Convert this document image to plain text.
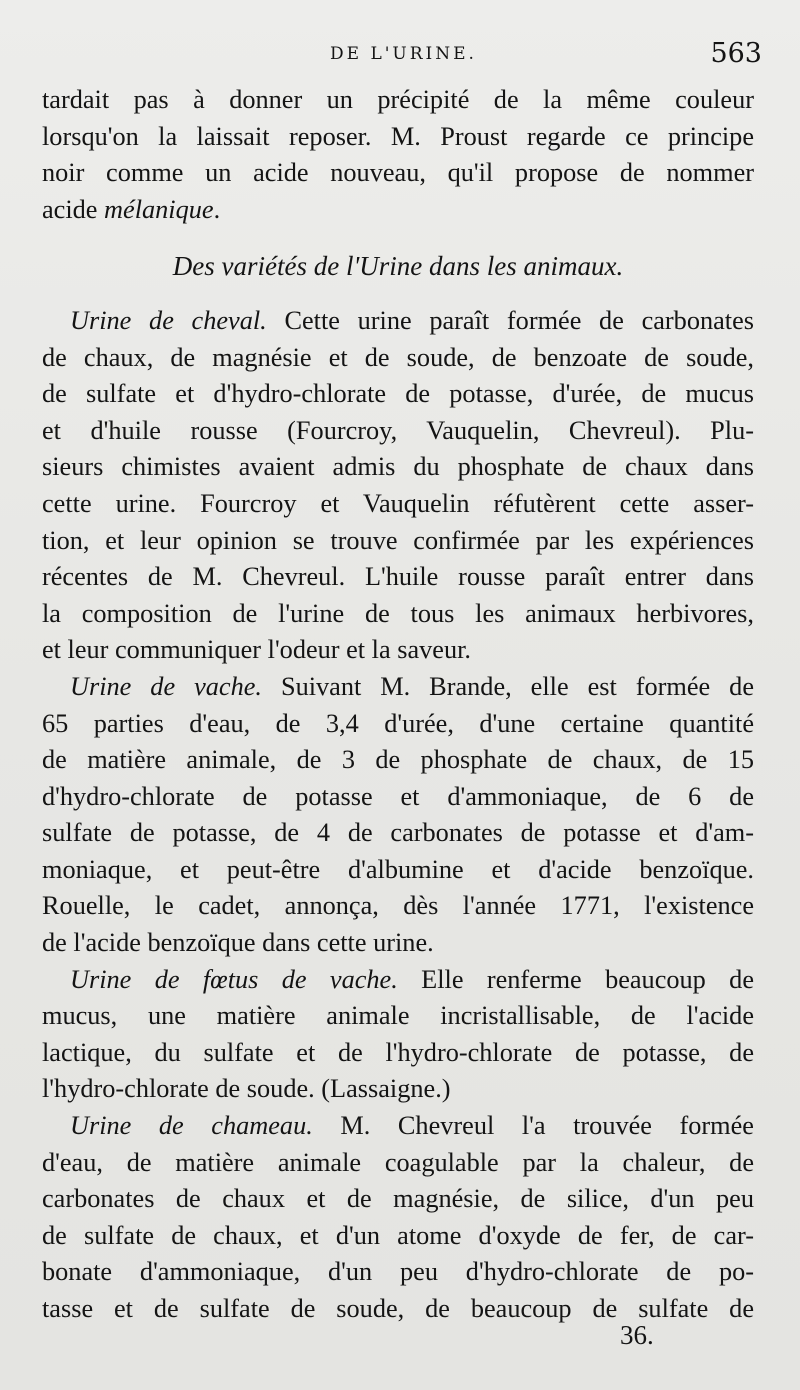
DE L'URINE.	563
tardait pas à donner un précipité de la même couleur
lorsqu'on la laissait reposer. M. Proust regarde ce principe
noir comme un acide nouveau, qu'il propose de nommer
acide mélanique.
Des variétés de l'Urine dans les animaux.
Urine de cheval. Cette urine paraît formée de carbonates
de chaux, de magnésie et de soude, de benzoate de soude,
de sulfate et d'hydro-chlorate de potasse, d'urée, de mucus
et d'huile rousse (Fourcroy, Vauquelin, Chevreul). Plu-
sieurs chimistes avaient admis du phosphate de chaux dans
cette urine. Fourcroy et Vauquelin réfutèrent cette asser-
tion, et leur opinion se trouve confirmée par les expériences
récentes de M. Chevreul. L'huile rousse paraît entrer dans
la composition de l'urine de tous les animaux herbivores,
et leur communiquer l'odeur et la saveur.
Urine de vache. Suivant M. Brande, elle est formée de
65 parties d'eau, de 3,4 d'urée, d'une certaine quantité
de matière animale, de 3 de phosphate de chaux, de 15
d'hydro-chlorate de potasse et d'ammoniaque, de 6 de
sulfate de potasse, de 4 de carbonates de potasse et d'am-
moniaque, et peut-être d'albumine et d'acide benzoïque.
Rouelle, le cadet, annonça, dès l'année 1771, l'existence
de l'acide benzoïque dans cette urine.
Urine de fœtus de vache. Elle renferme beaucoup de
mucus, une matière animale incristallisable, de l'acide
lactique, du sulfate et de l'hydro-chlorate de potasse, de
l'hydro-chlorate de soude. (Lassaigne.)
Urine de chameau. M. Chevreul l'a trouvée formée
d'eau, de matière animale coagulable par la chaleur, de
carbonates de chaux et de magnésie, de silice, d'un peu
de sulfate de chaux, et d'un atome d'oxyde de fer, de car-
bonate d'ammoniaque, d'un peu d'hydro-chlorate de po-
tasse et de sulfate de soude, de beaucoup de sulfate de
36.
